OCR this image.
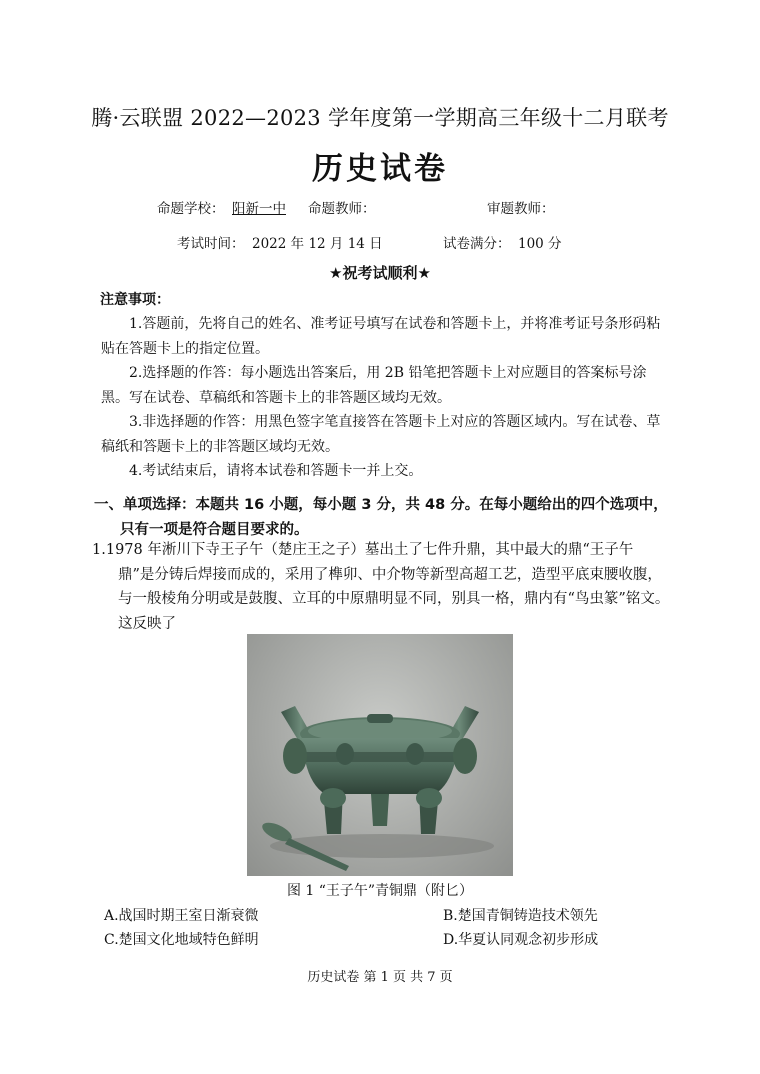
腾·云联盟 2022—2023 学年度第一学期高三年级十二月联考
历史试卷
命题学校： 阳新一中 命题教师：	审题教师：
考试时间： 2022 年 12 月 14 日	试卷满分： 100 分
★祝考试顺利★
注意事项：
1.答题前，先将自己的姓名、准考证号填写在试卷和答题卡上，并将准考证号条形码粘贴在答题卡上的指定位置。
2.选择题的作答：每小题选出答案后，用 2B 铅笔把答题卡上对应题目的答案标号涂黑。写在试卷、草稿纸和答题卡上的非答题区域均无效。
3.非选择题的作答：用黑色签字笔直接答在答题卡上对应的答题区域内。写在试卷、草稿纸和答题卡上的非答题区域均无效。
4.考试结束后，请将本试卷和答题卡一并上交。
一、单项选择：本题共 16 小题，每小题 3 分，共 48 分。在每小题给出的四个选项中，
只有一项是符合题目要求的。
1.1978 年淅川下寺王子午（楚庄王之子）墓出土了七件升鼎，其中最大的鼎“王子午
鼎”是分铸后焊接而成的，采用了榫卯、中介物等新型高超工艺，造型平底束腰收腹，与一般棱角分明或是鼓腹、立耳的中原鼎明显不同，别具一格，鼎内有“鸟虫篆”铭文。这反映了
图 1 “王子午”青铜鼎（附匕）
A.战国时期王室日渐衰微	B.楚国青铜铸造技术领先
C.楚国文化地域特色鲜明	D.华夏认同观念初步形成
历史试卷 第 1 页 共 7 页
